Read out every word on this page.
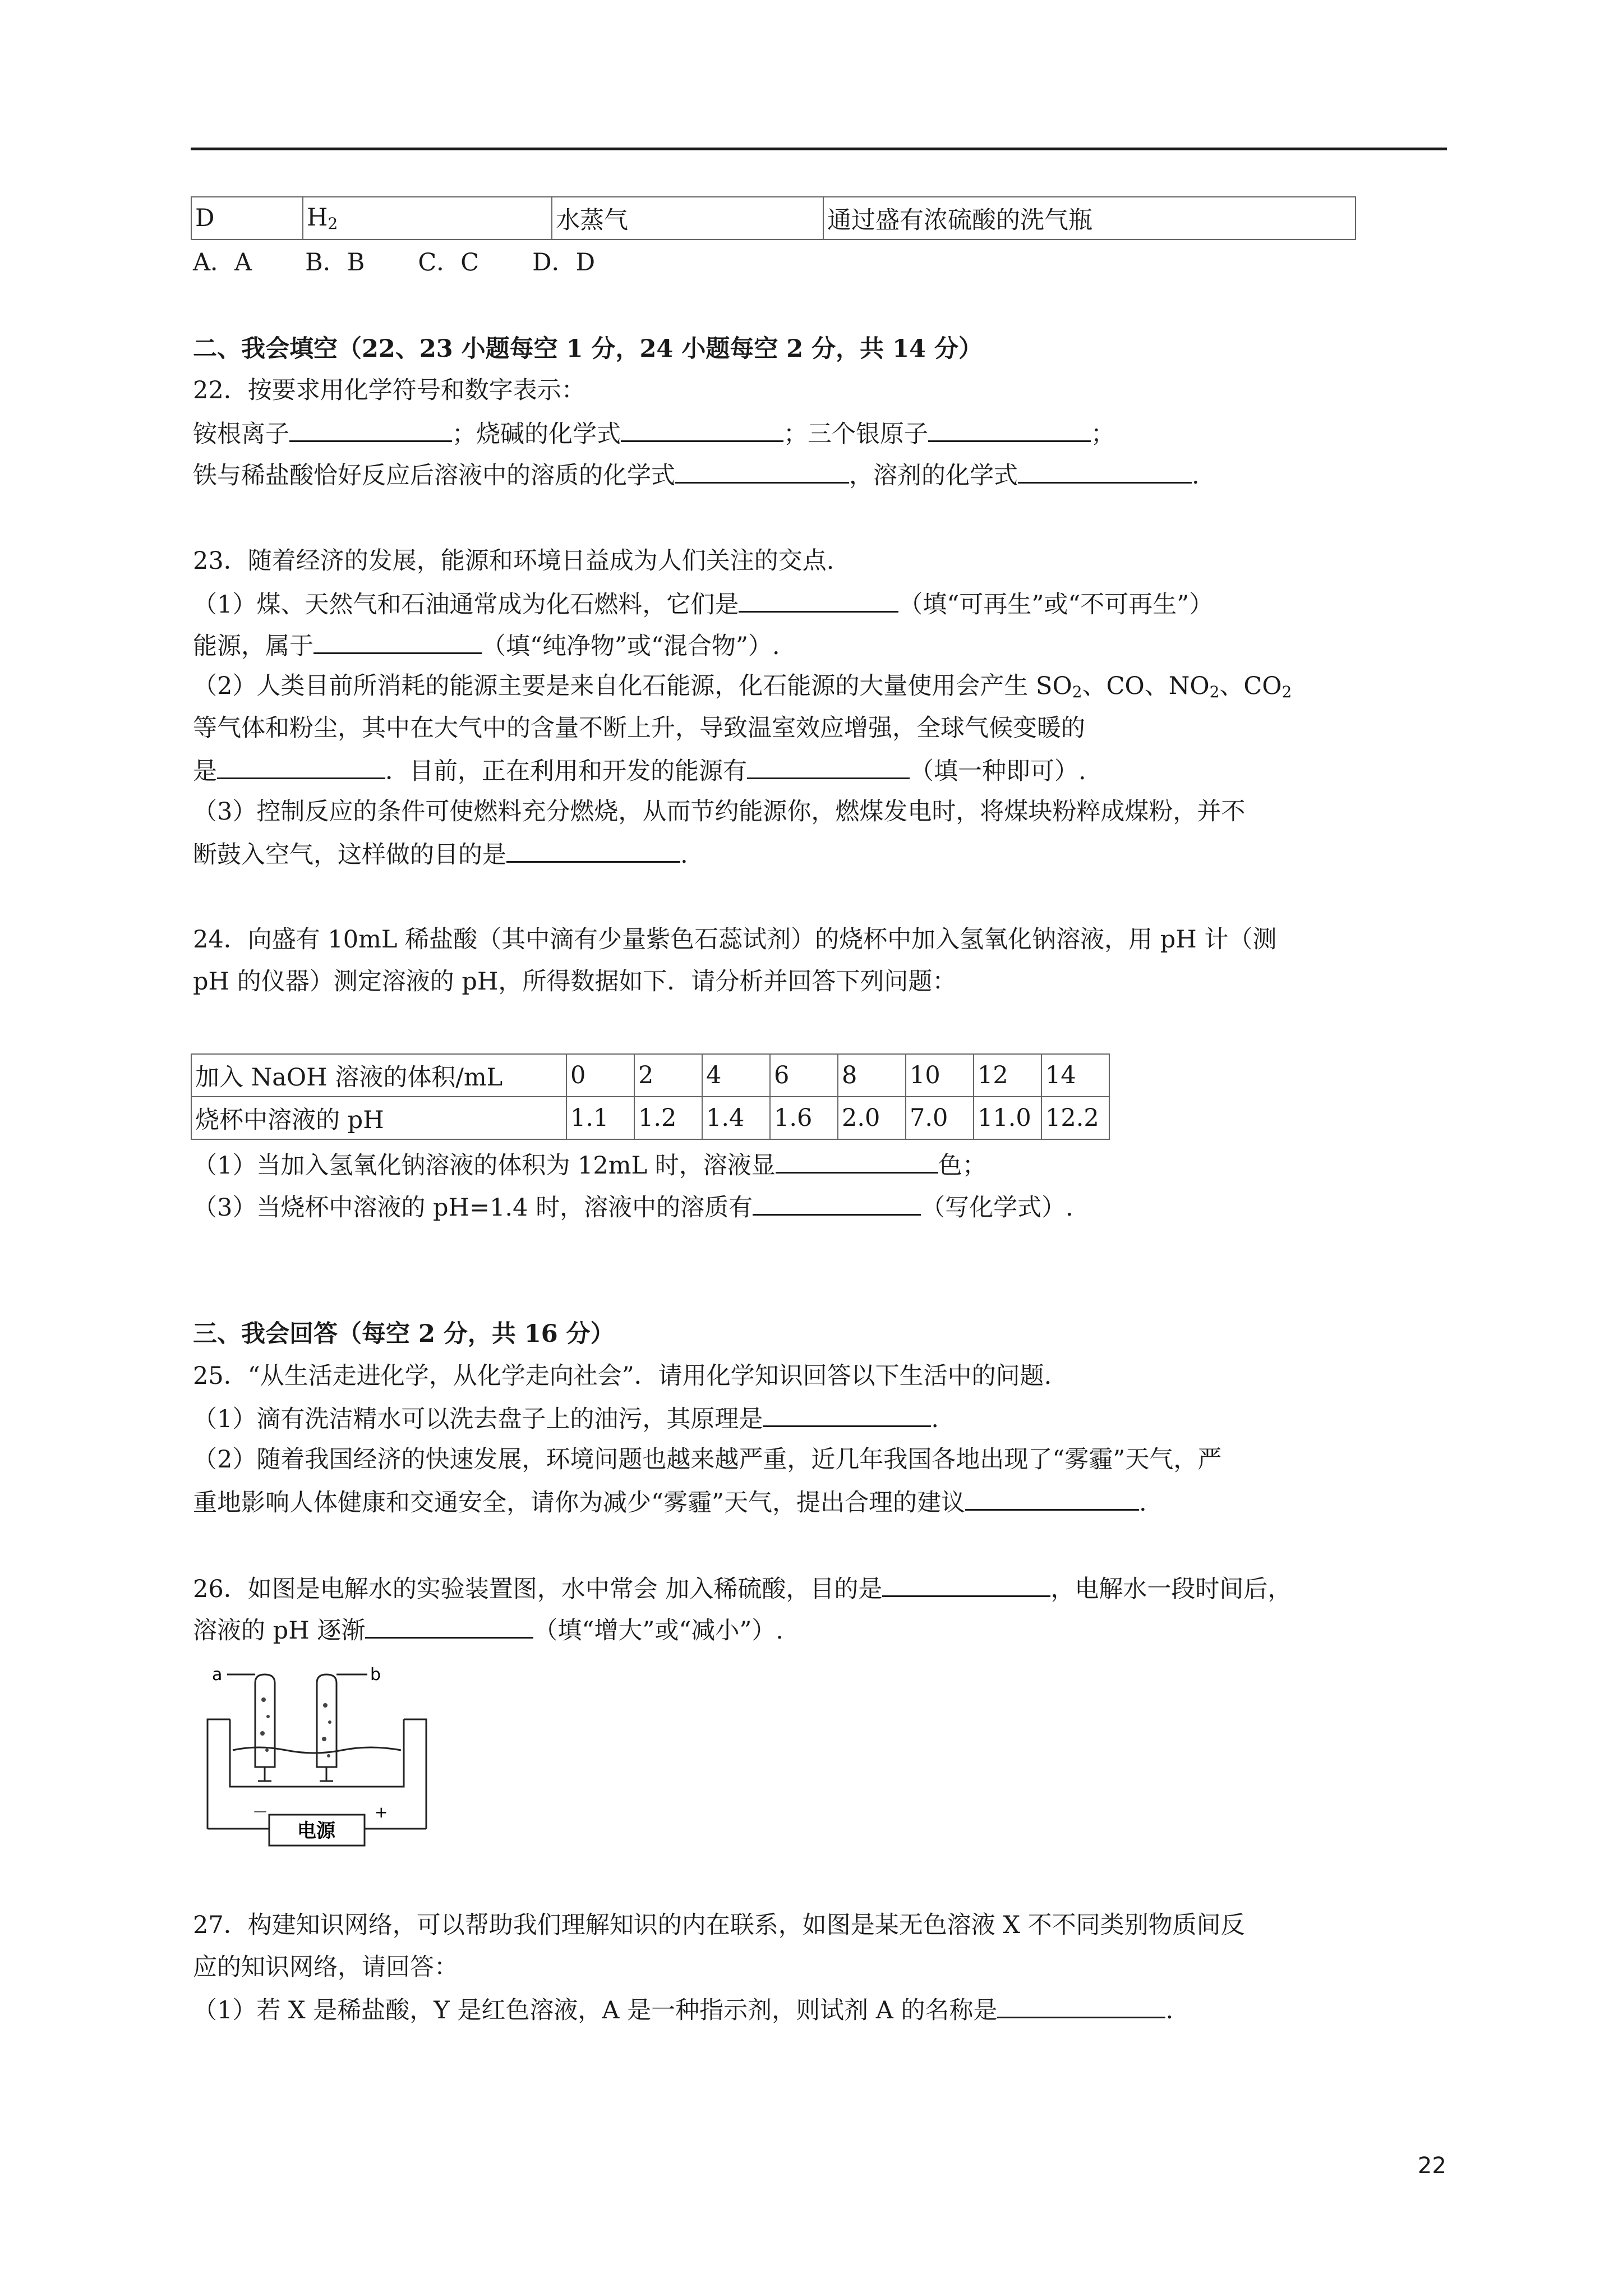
D	$H_2$	水蒸气	通过盛有浓硫酸的洗气瓶
A．A B．B C．C D．D
二、我会填空（22、23 小题每空 1 分，24 小题每空 2 分，共 14 分）
22．按要求用化学符号和数字表示：
铵根离子	；烧碱的化学式	；三个银原子	；
铁与稀盐酸恰好反应后溶液中的溶质的化学式	，溶剂的化学式	.
23．随着经济的发展，能源和环境日益成为人们关注的交点.
（1）煤、天然气和石油通常成为化石燃料，它们是	（填“可再生”或“不可再生”）
能源，属于	（填“纯净物”或“混合物”）.
（2）人类目前所消耗的能源主要是来自化石能源，化石能源的大量使用会产生 $SO_2$、CO、$NO_2$、$CO_2$
等气体和粉尘，其中在大气中的含量不断上升，导致温室效应增强，全球气候变暖的
是	．目前，正在利用和开发的能源有	（填一种即可）.
（3）控制反应的条件可使燃料充分燃烧，从而节约能源你，燃煤发电时，将煤块粉粹成煤粉，并不
断鼓入空气，这样做的目的是	.
24．向盛有 10mL 稀盐酸（其中滴有少量紫色石蕊试剂）的烧杯中加入氢氧化钠溶液，用 pH 计（测
pH 的仪器）测定溶液的 pH，所得数据如下．请分析并回答下列问题：
加入 NaOH 溶液的体积/mL	0	2	4	6	8	10	12	14
烧杯中溶液的 pH	1.1	1.2	1.4	1.6	2.0	7.0	11.0	12.2
（1）当加入氢氧化钠溶液的体积为 12mL 时，溶液显	色；
（3）当烧杯中溶液的 pH=1.4 时，溶液中的溶质有	（写化学式）.
三、我会回答（每空 2 分，共 16 分）
25．“从生活走进化学，从化学走向社会”．请用化学知识回答以下生活中的问题.
（1）滴有洗洁精水可以洗去盘子上的油污，其原理是	.
（2）随着我国经济的快速发展，环境问题也越来越严重，近几年我国各地出现了“雾霾”天气，严
重地影响人体健康和交通安全，请你为减少“雾霾”天气，提出合理的建议	.
26．如图是电解水的实验装置图，水中常会 加入稀硫酸，目的是	，电解水一段时间后，
溶液的 pH 逐渐	（填“增大”或“减小”）.
a	b
电源
－	+
27．构建知识网络，可以帮助我们理解知识的内在联系，如图是某无色溶液 X 不不同类别物质间反
应的知识网络，请回答：
（1）若 X 是稀盐酸，Y 是红色溶液，A 是一种指示剂，则试剂 A 的名称是	.
22
